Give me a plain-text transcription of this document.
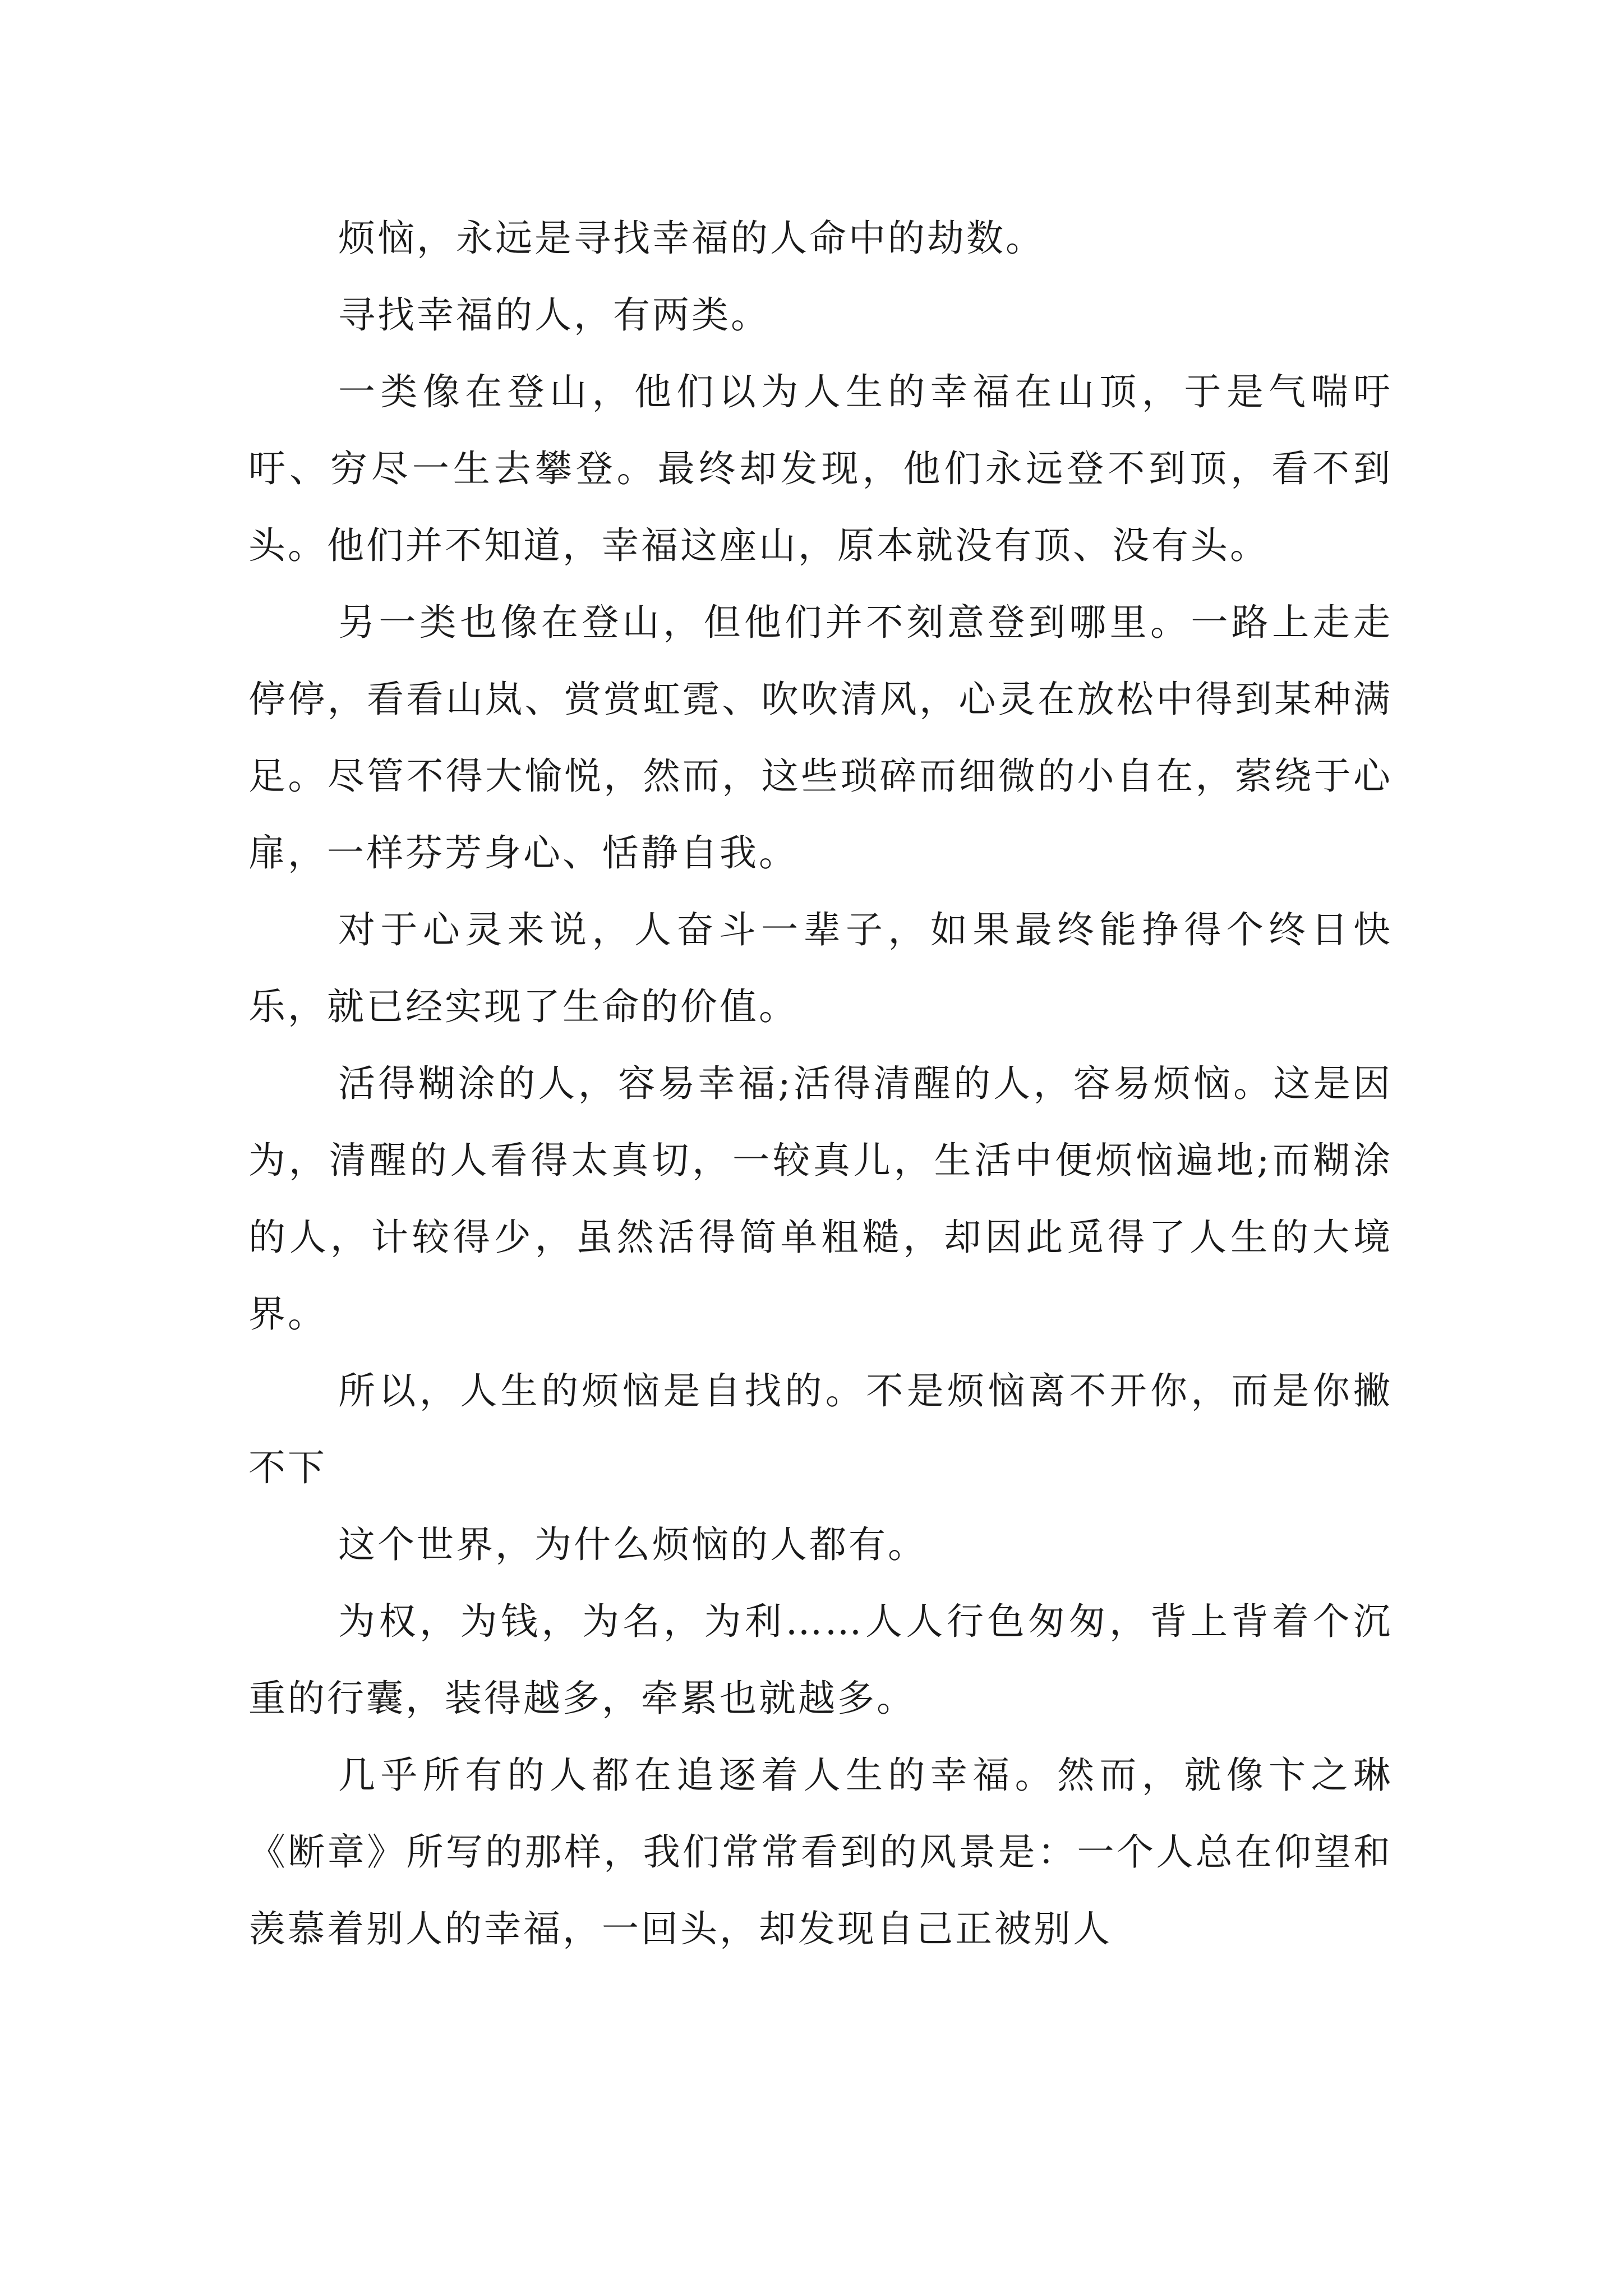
烦恼，永远是寻找幸福的人命中的劫数。

寻找幸福的人，有两类。

一类像在登山，他们以为人生的幸福在山顶，于是气喘吁吁、穷尽一生去攀登。最终却发现，他们永远登不到顶，看不到头。他们并不知道，幸福这座山，原本就没有顶、没有头。

另一类也像在登山，但他们并不刻意登到哪里。一路上走走停停，看看山岚、赏赏虹霓、吹吹清风，心灵在放松中得到某种满足。尽管不得大愉悦，然而，这些琐碎而细微的小自在，萦绕于心扉，一样芬芳身心、恬静自我。

对于心灵来说，人奋斗一辈子，如果最终能挣得个终日快乐，就已经实现了生命的价值。

活得糊涂的人，容易幸福;活得清醒的人，容易烦恼。这是因为，清醒的人看得太真切，一较真儿，生活中便烦恼遍地;而糊涂的人，计较得少，虽然活得简单粗糙，却因此觅得了人生的大境界。

所以，人生的烦恼是自找的。不是烦恼离不开你，而是你撇不下

这个世界，为什么烦恼的人都有。

为权，为钱，为名，为利……人人行色匆匆，背上背着个沉重的行囊，装得越多，牵累也就越多。

几乎所有的人都在追逐着人生的幸福。然而，就像卞之琳《断章》所写的那样，我们常常看到的风景是：一个人总在仰望和羡慕着别人的幸福，一回头，却发现自己正被别人
